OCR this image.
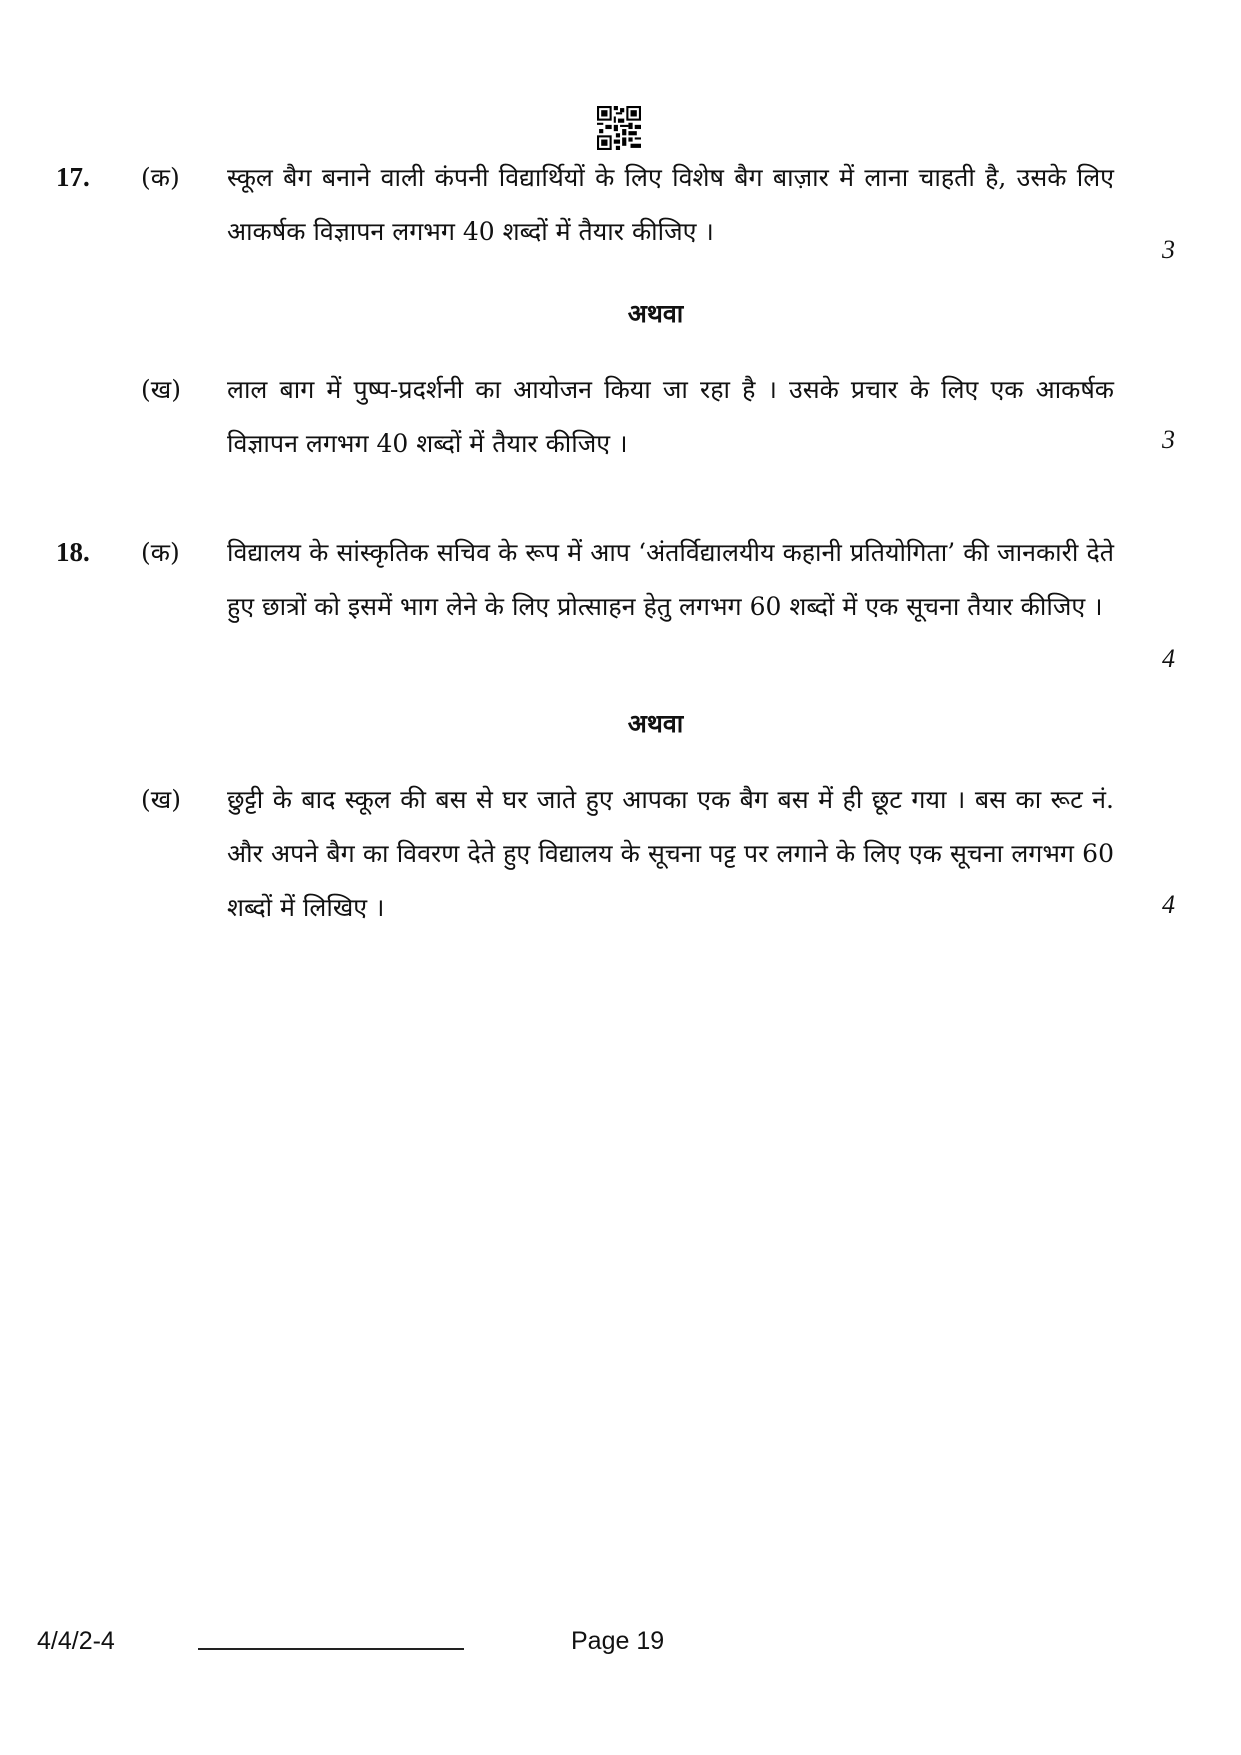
17. (क) स्कूल बैग बनाने वाली कंपनी विद्यार्थियों के लिए विशेष बैग बाज़ार में लाना चाहती है, उसके लिए आकर्षक विज्ञापन लगभग 40 शब्दों में तैयार कीजिए ।
3
अथवा
(ख) लाल बाग में पुष्प-प्रदर्शनी का आयोजन किया जा रहा है । उसके प्रचार के लिए एक आकर्षक विज्ञापन लगभग 40 शब्दों में तैयार कीजिए ।	3
18. (क) विद्यालय के सांस्कृतिक सचिव के रूप में आप ‘अंतर्विद्यालयीय कहानी प्रतियोगिता’ की जानकारी देते हुए छात्रों को इसमें भाग लेने के लिए प्रोत्साहन हेतु लगभग 60 शब्दों में एक सूचना तैयार कीजिए ।
4
अथवा
(ख) छुट्टी के बाद स्कूल की बस से घर जाते हुए आपका एक बैग बस में ही छूट गया । बस का रूट नं. और अपने बैग का विवरण देते हुए विद्यालय के सूचना पट्ट पर लगाने के लिए एक सूचना लगभग 60 शब्दों में लिखिए ।	4
4/4/2-4	Page 19
